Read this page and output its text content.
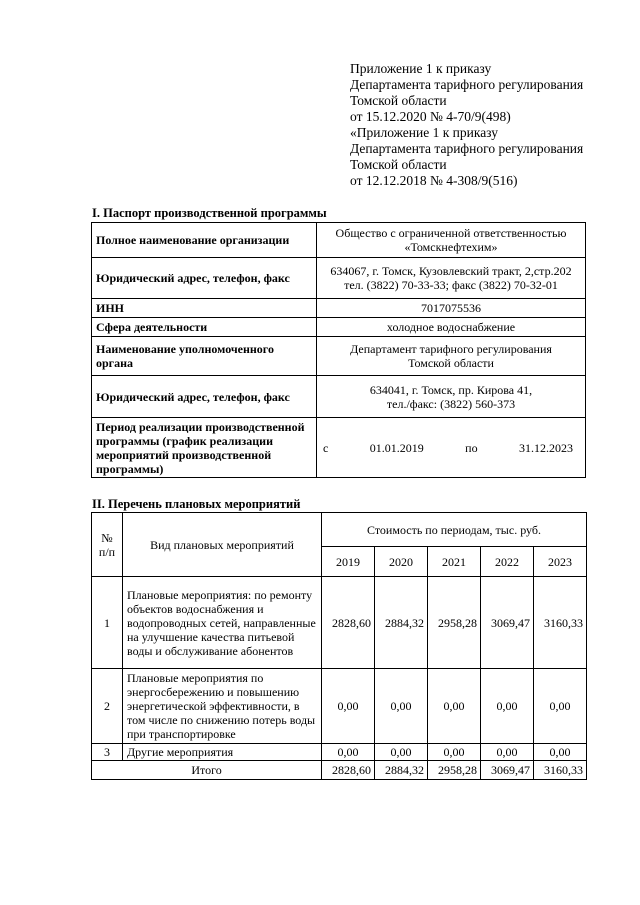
Приложение 1 к приказу
Департамента тарифного регулирования
Томской области
от 15.12.2020 № 4-70/9(498)
«Приложение 1 к приказу
Департамента тарифного регулирования
Томской области
от 12.12.2018 № 4-308/9(516)
I. Паспорт производственной программы
Полное наименование организации	Общество с ограниченной ответственностью
«Томскнефтехим»

Юридический адрес, телефон, факс	634067, г. Томск, Кузовлевский тракт, 2,стр.202
тел. (3822) 70-33-33; факс (3822) 70-32-01

ИНН	7017075536
Сфера деятельности	холодное водоснабжение
Наименование уполномоченного органа	Департамент тарифного регулирования
Томской области

Юридический адрес, телефон, факс	634041, г. Томск, пр. Кирова 41,
тел./факс: (3822) 560-373

Период реализации производственной программы (график реализации мероприятий производственной программы)	с 01.01.2019 по 31.12.2023
II. Перечень плановых мероприятий
№ п/п	Вид плановых мероприятий	Стоимость по периодам, тыс. руб.				
		2019	2020	2021	2022	2023
1	Плановые мероприятия: по ремонту объектов водоснабжения и водопроводных сетей, направленные на улучшение качества питьевой воды и обслуживание абонентов	2828,60	2884,32	2958,28	3069,47	3160,33
2	Плановые мероприятия по энергосбережению и повышению энергетической эффективности, в том числе по снижению потерь воды при транспортировке	0,00	0,00	0,00	0,00	0,00
3	Другие мероприятия	0,00	0,00	0,00	0,00	0,00
Итого		2828,60	2884,32	2958,28	3069,47	3160,33
